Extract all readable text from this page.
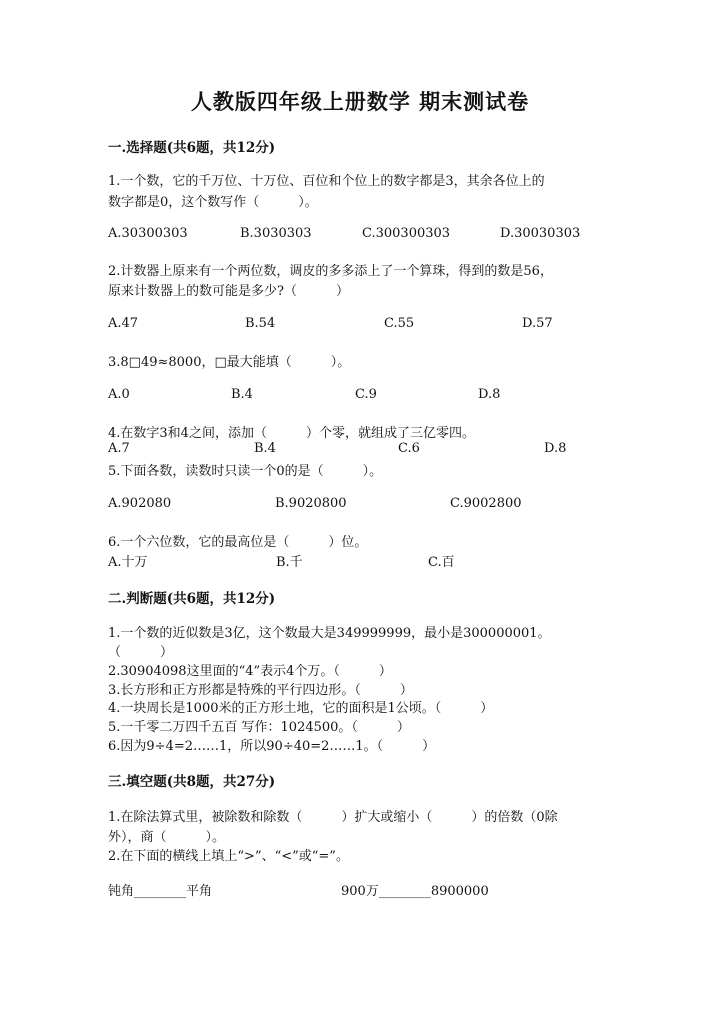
人教版四年级上册数学 期末测试卷
一.选择题(共6题，共12分)
1.一个数，它的千万位、十万位、百位和个位上的数字都是3，其余各位上的
数字都是0，这个数写作（　　　）。
A.30300303	B.3030303	C.300300303	D.30030303
2.计数器上原来有一个两位数，调皮的多多添上了一个算珠，得到的数是56，
原来计数器上的数可能是多少?（　　　）
A.47	B.54	C.55	D.57
3.8□49≈8000，□最大能填（　　　）。
A.0	B.4	C.9	D.8
4.在数字3和4之间，添加（　　　）个零，就组成了三亿零四。
A.7	B.4	C.6	D.8
5.下面各数，读数时只读一个0的是（　　　）。
A.902080	B.9020800	C.9002800
6.一个六位数，它的最高位是（　　　）位。
A.十万	B.千	C.百
二.判断题(共6题，共12分)
1.一个数的近似数是3亿，这个数最大是349999999，最小是300000001。
（　　　）
2.30904098这里面的“4”表示4个万。（　　　）
3.长方形和正方形都是特殊的平行四边形。（　　　）
4.一块周长是1000米的正方形土地，它的面积是1公顷。（　　　）
5.一千零二万四千五百 写作：1024500。（　　　）
6.因为9÷4=2……1，所以90÷40=2……1。（　　　）
三.填空题(共8题，共27分)
1.在除法算式里，被除数和除数（　　　）扩大或缩小（　　　）的倍数（0除
外），商（　　　）。
2.在下面的横线上填上“>”、“<”或“=”。
钝角________平角	900万________8900000
